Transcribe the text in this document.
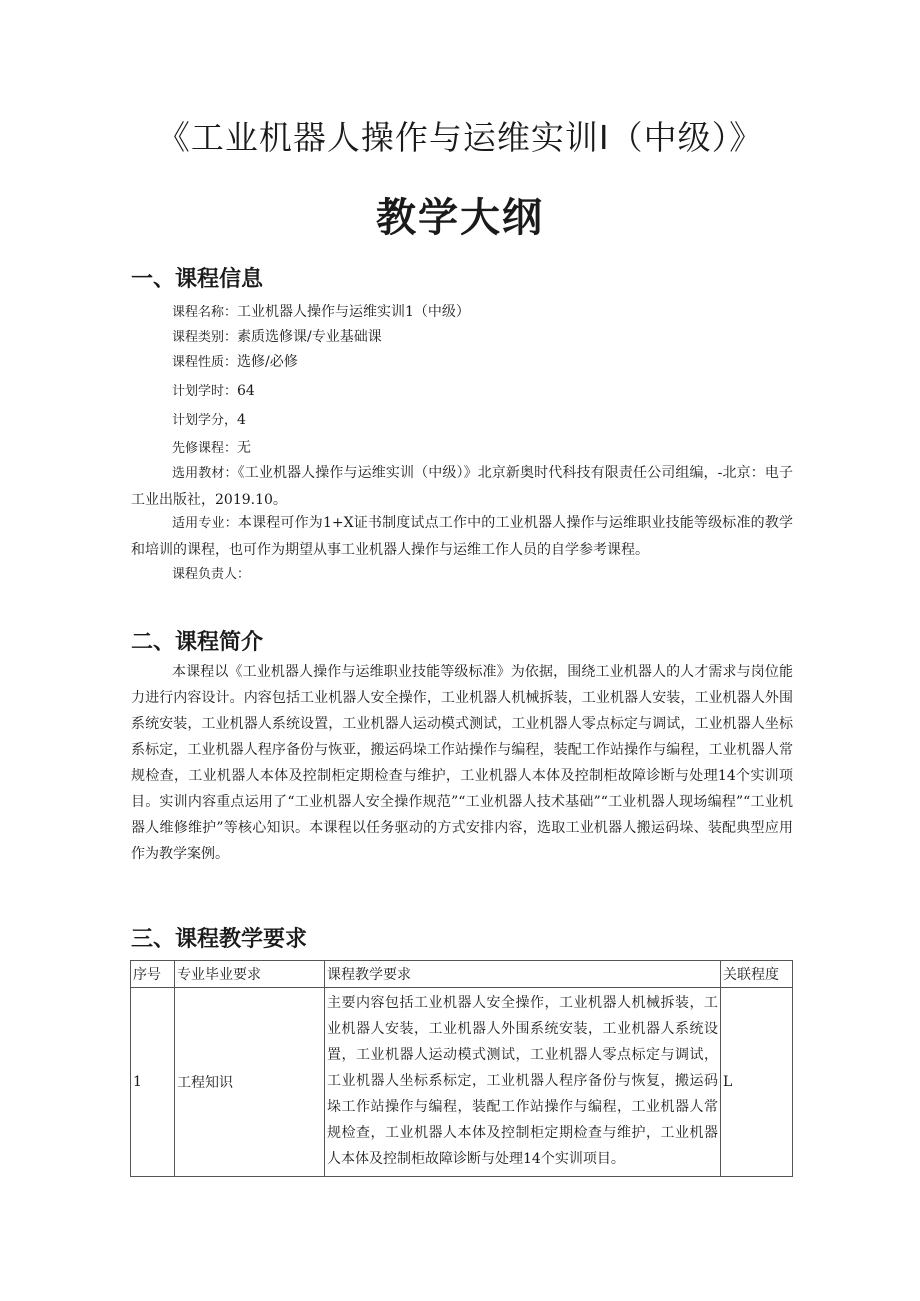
《工业机器人操作与运维实训Ⅰ（中级）》
教学大纲
一、课程信息
课程名称：工业机器人操作与运维实训1（中级）
课程类别：素质选修课/专业基础课
课程性质：选修/必修
计划学时：64
计划学分，4
先修课程：无

选用教材：《工业机器人操作与运维实训（中级）》北京新奥时代科技有限责任公司组编，-北京：电子工业出版社，2019.10。

适用专业：本课程可作为1+X证书制度试点工作中的工业机器人操作与运维职业技能等级标准的教学和培训的课程，也可作为期望从事工业机器人操作与运维工作人员的自学参考课程。

课程负责人：
二、课程简介

本课程以《工业机器人操作与运维职业技能等级标准》为依据，围绕工业机器人的人才需求与岗位能力进行内容设计。内容包括工业机器人安全操作，工业机器人机械拆装，工业机器人安装，工业机器人外围系统安装，工业机器人系统设置，工业机器人运动模式测试，工业机器人零点标定与调试，工业机器人坐标系标定，工业机器人程序备份与恢亚，搬运码垛工作站操作与编程，装配工作站操作与编程，工业机器人常规检查，工业机器人本体及控制柜定期检查与维护，工业机器人本体及控制柜故障诊断与处理14个实训项目。实训内容重点运用了“工业机器人安全操作规范”“工业机器人技术基础”“工业机器人现场编程”“工业机器人维修维护”等核心知识。本课程以任务驱动的方式安排内容，选取工业机器人搬运码垛、装配典型应用作为教学案例。

三、课程教学要求
序号	专业毕业要求	课程教学要求	关联程度
1	工程知识	主要内容包括工业机器人安全操作，工业机器人机械拆装，工业机器人安装，工业机器人外围系统安装，工业机器人系统设置，工业机器人运动模式测试，工业机器人零点标定与调试，工业机器人坐标系标定，工业机器人程序备份与恢复，搬运码垛工作站操作与编程，装配工作站操作与编程，工业机器人常规检查，工业机器人本体及控制柜定期检查与维护，工业机器人本体及控制柜故障诊断与处理14个实训项目。	L
